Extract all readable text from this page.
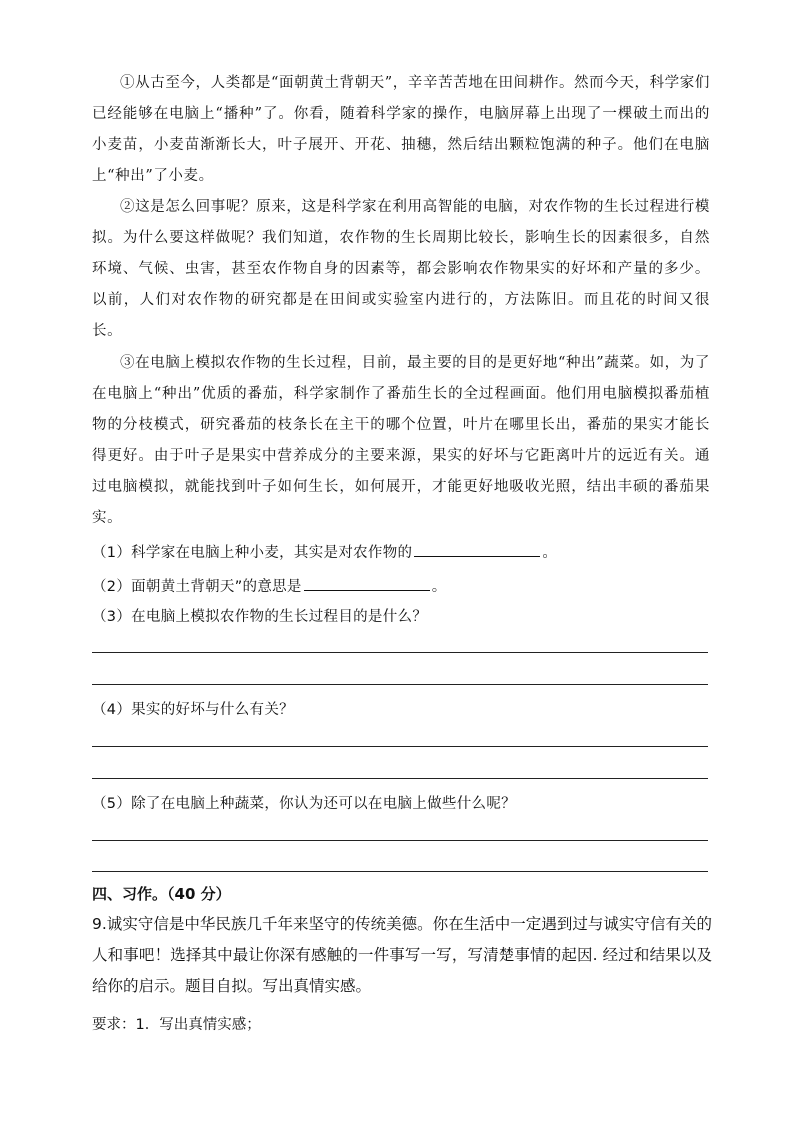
①从古至今，人类都是“面朝黄土背朝天”，辛辛苦苦地在田间耕作。然而今天，科学家们已经能够在电脑上“播种”了。你看，随着科学家的操作，电脑屏幕上出现了一棵破土而出的小麦苗，小麦苗渐渐长大，叶子展开、开花、抽穗，然后结出颗粒饱满的种子。他们在电脑上“种出”了小麦。

②这是怎么回事呢？原来，这是科学家在利用高智能的电脑，对农作物的生长过程进行模拟。为什么要这样做呢？我们知道，农作物的生长周期比较长，影响生长的因素很多，自然环境、气候、虫害，甚至农作物自身的因素等，都会影响农作物果实的好坏和产量的多少。以前，人们对农作物的研究都是在田间或实验室内进行的，方法陈旧。而且花的时间又很长。

③在电脑上模拟农作物的生长过程，目前，最主要的目的是更好地“种出”蔬菜。如，为了在电脑上“种出”优质的番茄，科学家制作了番茄生长的全过程画面。他们用电脑模拟番茄植物的分枝模式，研究番茄的枝条长在主干的哪个位置，叶片在哪里长出，番茄的果实才能长得更好。由于叶子是果实中营养成分的主要来源，果实的好坏与它距离叶片的远近有关。通过电脑模拟，就能找到叶子如何生长，如何展开，才能更好地吸收光照，结出丰硕的番茄果实。

（1）科学家在电脑上种小麦，其实是对农作物的	。
（2）面朝黄土背朝天”的意思是	。
（3）在电脑上模拟农作物的生长过程目的是什么？
（4）果实的好坏与什么有关？
（5）除了在电脑上种蔬菜，你认为还可以在电脑上做些什么呢？
四、习作。（40 分）

9.诚实守信是中华民族几千年来坚守的传统美德。你在生活中一定遇到过与诚实守信有关的人和事吧！选择其中最让你深有感触的一件事写一写，写清楚事情的起因. 经过和结果以及给你的启示。题目自拟。写出真情实感。

要求：1．写出真情实感；
